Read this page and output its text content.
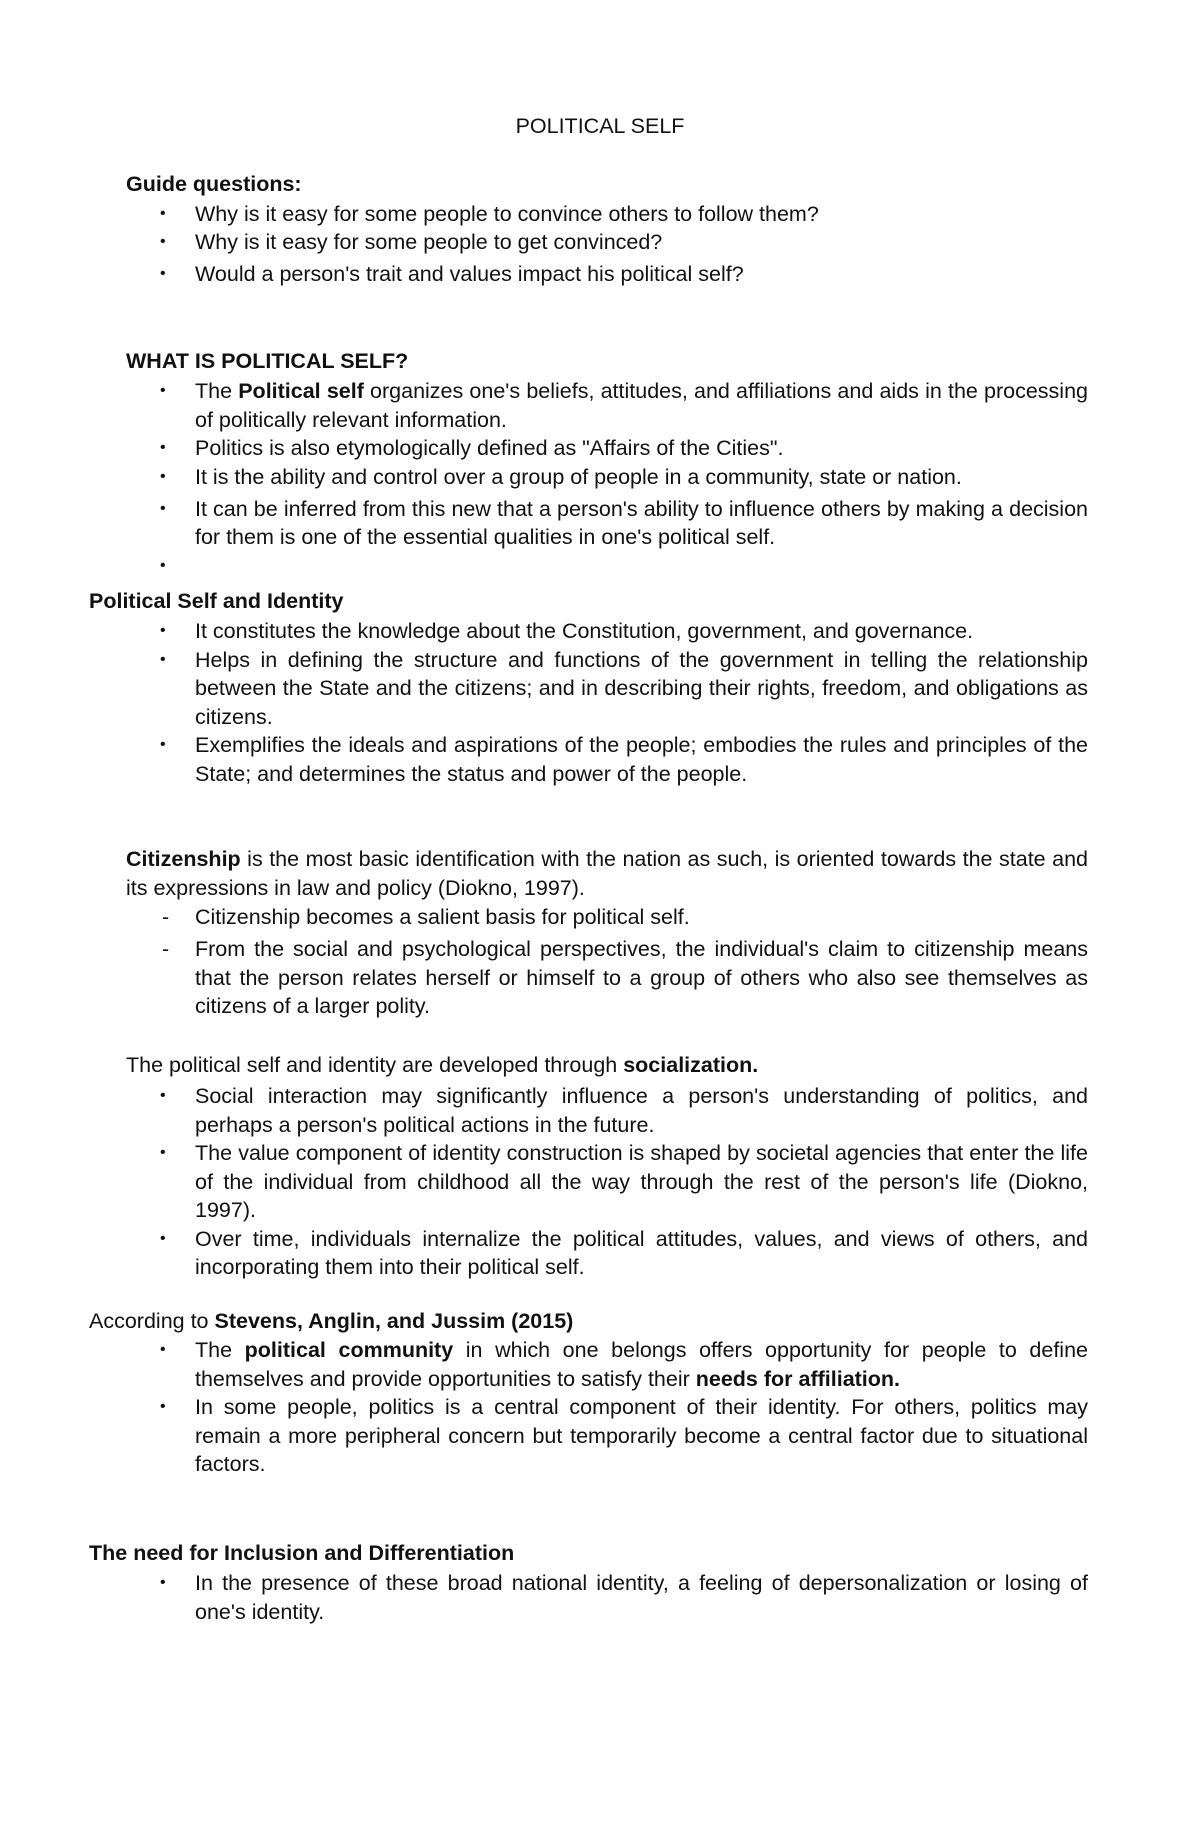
POLITICAL SELF
Guide questions:
•	Why is it easy for some people to convince others to follow them?
•	Why is it easy for some people to get convinced?
•	Would a person's trait and values impact his political self?
WHAT IS POLITICAL SELF?
•	The Political self organizes one's beliefs, attitudes, and affiliations and aids in the processing of politically relevant information.
•	Politics is also etymologically defined as "Affairs of the Cities".
•	It is the ability and control over a group of people in a community, state or nation.
•	It can be inferred from this new that a person's ability to influence others by making a decision for them is one of the essential qualities in one's political self.
•
Political Self and Identity
•	It constitutes the knowledge about the Constitution, government, and governance.
•	Helps in defining the structure and functions of the government in telling the relationship between the State and the citizens; and in describing their rights, freedom, and obligations as citizens.
•	Exemplifies the ideals and aspirations of the people; embodies the rules and principles of the State; and determines the status and power of the people.
Citizenship is the most basic identification with the nation as such, is oriented towards the state and its expressions in law and policy (Diokno, 1997).
-	Citizenship becomes a salient basis for political self.
-	From the social and psychological perspectives, the individual's claim to citizenship means that the person relates herself or himself to a group of others who also see themselves as citizens of a larger polity.
The political self and identity are developed through socialization.
•	Social interaction may significantly influence a person's understanding of politics, and perhaps a person's political actions in the future.
•	The value component of identity construction is shaped by societal agencies that enter the life of the individual from childhood all the way through the rest of the person's life (Diokno, 1997).
•	Over time, individuals internalize the political attitudes, values, and views of others, and incorporating them into their political self.
According to Stevens, Anglin, and Jussim (2015)
•	The political community in which one belongs offers opportunity for people to define themselves and provide opportunities to satisfy their needs for affiliation.
•	In some people, politics is a central component of their identity. For others, politics may remain a more peripheral concern but temporarily become a central factor due to situational factors.
The need for Inclusion and Differentiation
•	In the presence of these broad national identity, a feeling of depersonalization or losing of one's identity.
